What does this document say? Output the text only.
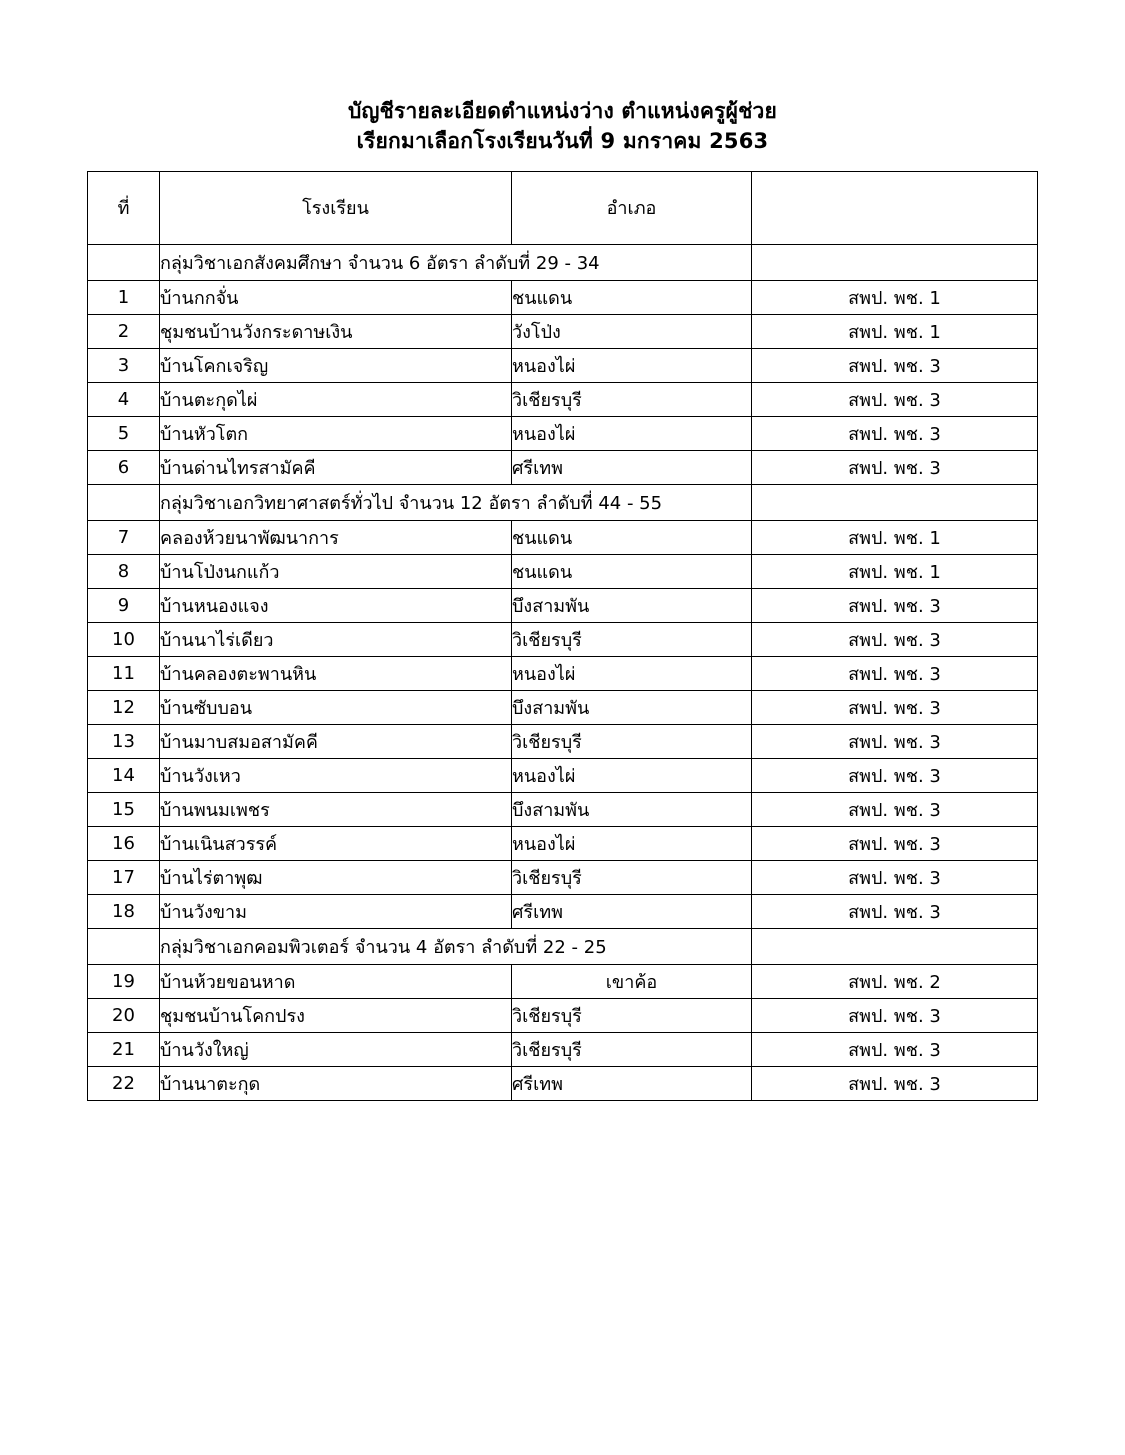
บัญชีรายละเอียดตำแหน่งว่าง ตำแหน่งครูผู้ช่วย
เรียกมาเลือกโรงเรียนวันที่ 9 มกราคม 2563
ที่	โรงเรียน	อำเภอ	
	กลุ่มวิชาเอกสังคมศึกษา จำนวน 6 อัตรา ลำดับที่ 29 - 34		
1	บ้านกกจั่น	ชนแดน	สพป. พช. 1
2	ชุมชนบ้านวังกระดาษเงิน	วังโป่ง	สพป. พช. 1
3	บ้านโคกเจริญ	หนองไผ่	สพป. พช. 3
4	บ้านตะกุดไผ่	วิเชียรบุรี	สพป. พช. 3
5	บ้านหัวโตก	หนองไผ่	สพป. พช. 3
6	บ้านด่านไทรสามัคคี	ศรีเทพ	สพป. พช. 3
	กลุ่มวิชาเอกวิทยาศาสตร์ทั่วไป จำนวน 12 อัตรา ลำดับที่ 44 - 55		
7	คลองห้วยนาพัฒนาการ	ชนแดน	สพป. พช. 1
8	บ้านโป่งนกแก้ว	ชนแดน	สพป. พช. 1
9	บ้านหนองแจง	บึงสามพัน	สพป. พช. 3
10	บ้านนาไร่เดียว	วิเชียรบุรี	สพป. พช. 3
11	บ้านคลองตะพานหิน	หนองไผ่	สพป. พช. 3
12	บ้านซับบอน	บึงสามพัน	สพป. พช. 3
13	บ้านมาบสมอสามัคคี	วิเชียรบุรี	สพป. พช. 3
14	บ้านวังเหว	หนองไผ่	สพป. พช. 3
15	บ้านพนมเพชร	บึงสามพัน	สพป. พช. 3
16	บ้านเนินสวรรค์	หนองไผ่	สพป. พช. 3
17	บ้านไร่ตาพุฒ	วิเชียรบุรี	สพป. พช. 3
18	บ้านวังขาม	ศรีเทพ	สพป. พช. 3
	กลุ่มวิชาเอกคอมพิวเตอร์ จำนวน 4 อัตรา ลำดับที่ 22 - 25		
19	บ้านห้วยขอนหาด	เขาค้อ	สพป. พช. 2
20	ชุมชนบ้านโคกปรง	วิเชียรบุรี	สพป. พช. 3
21	บ้านวังใหญ่	วิเชียรบุรี	สพป. พช. 3
22	บ้านนาตะกุด	ศรีเทพ	สพป. พช. 3
